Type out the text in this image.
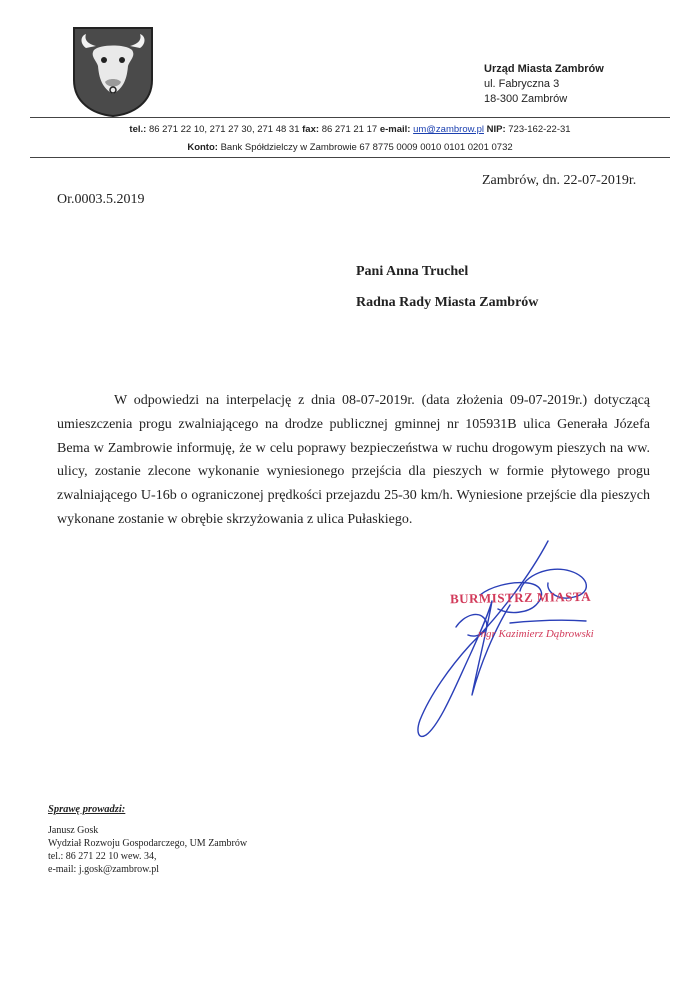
Urząd Miasta Zambrów
ul. Fabryczna 3
18-300 Zambrów
tel.: 86 271 22 10, 271 27 30, 271 48 31 fax: 86 271 21 17 e-mail: um@zambrow.pl NIP: 723-162-22-31
Konto: Bank Spółdzielczy w Zambrowie 67 8775 0009 0010 0101 0201 0732
Zambrów, dn. 22-07-2019r.
Or.0003.5.2019
Pani Anna Truchel
Radna Rady Miasta Zambrów
W odpowiedzi na interpelację z dnia 08-07-2019r. (data złożenia 09-07-2019r.) dotyczącą umieszczenia progu zwalniającego na drodze publicznej gminnej nr 105931B ulica Generała Józefa Bema w Zambrowie informuję, że w celu poprawy bezpieczeństwa w ruchu drogowym pieszych na ww. ulicy, zostanie zlecone wykonanie wyniesionego przejścia dla pieszych w formie płytowego progu zwalniającego U-16b o ograniczonej prędkości przejazdu 25-30 km/h. Wyniesione przejście dla pieszych wykonane zostanie w obrębie skrzyżowania z ulica Pułaskiego.
BURMISTRZ MIASTA
mgr Kazimierz Dąbrowski
Sprawę prowadzi:
Janusz Gosk
Wydział Rozwoju Gospodarczego, UM Zambrów
tel.: 86 271 22 10 wew. 34,
e-mail: j.gosk@zambrow.pl
